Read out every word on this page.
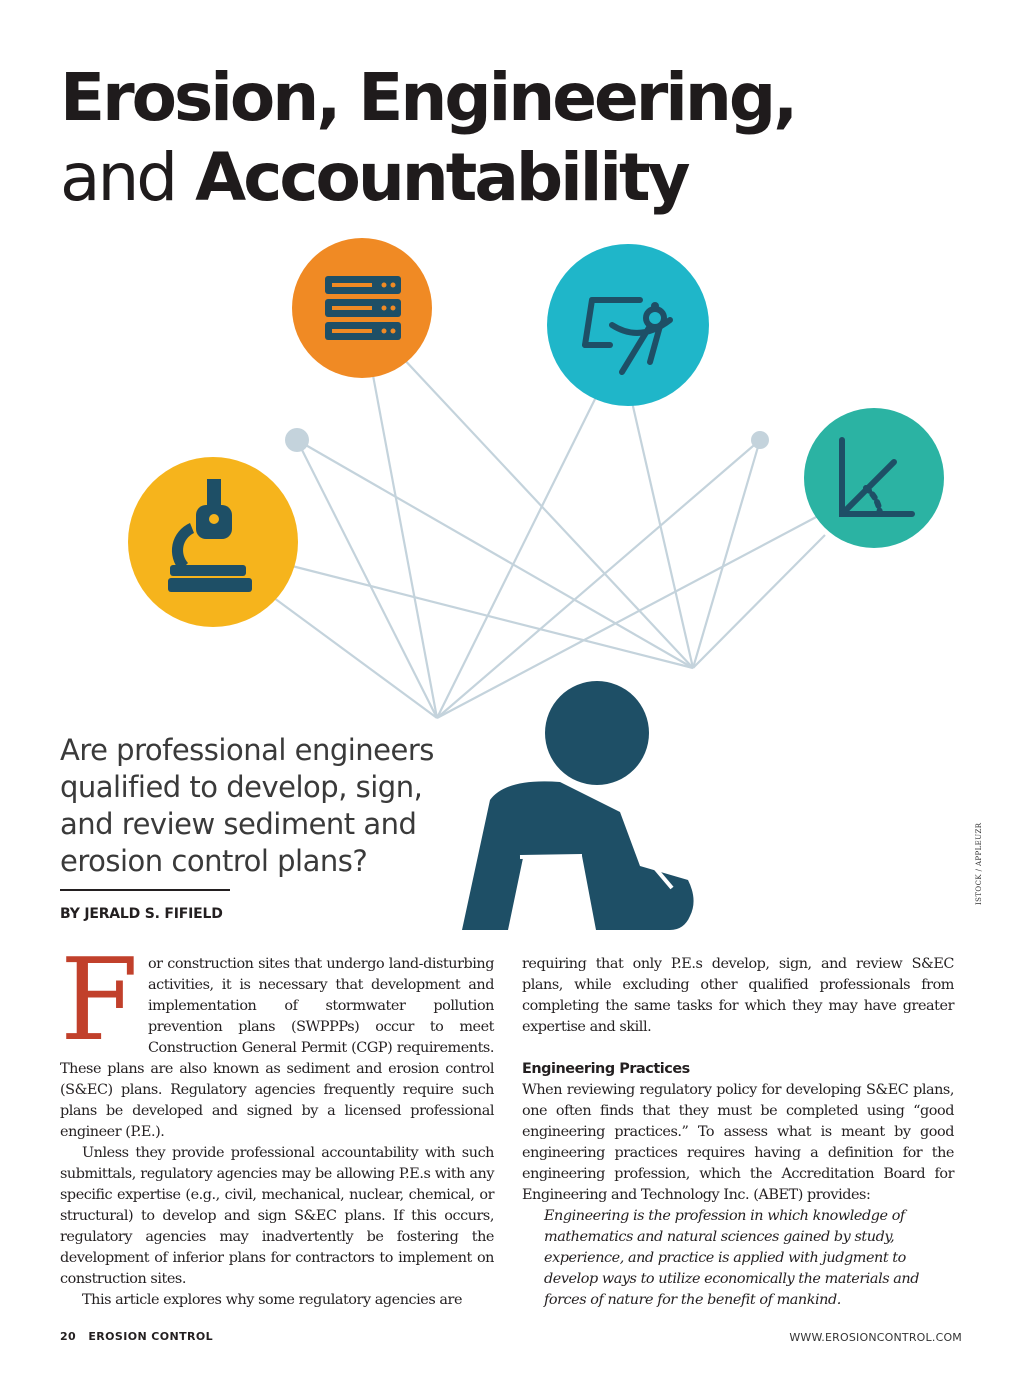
Erosion, Engineering,
and Accountability
Are professional engineers qualified to develop, sign, and review sediment and erosion control plans?
BY JERALD S. FIFIELD
ISTOCK / APPLEUZR

For construction sites that undergo land-disturbing activities, it is necessary that development and implementation of stormwater pollution prevention plans (SWPPPs) occur to meet Construction General Permit (CGP) requirements. These plans are also known as sediment and erosion control (S&EC) plans. Regulatory agencies frequently require such plans be developed and signed by a licensed professional engineer (P.E.).

Unless they provide professional accountability with such submittals, regulatory agencies may be allowing P.E.s with any specific expertise (e.g., civil, mechanical, nuclear, chemical, or structural) to develop and sign S&EC plans. If this occurs, regulatory agencies may inadvertently be fostering the development of inferior plans for contractors to implement on construction sites.

This article explores why some regulatory agencies are

requiring that only P.E.s develop, sign, and review S&EC plans, while excluding other qualified professionals from completing the same tasks for which they may have greater expertise and skill.

Engineering Practices

When reviewing regulatory policy for developing S&EC plans, one often finds that they must be completed using “good engineering practices.” To assess what is meant by good engineering practices requires having a definition for the engineering profession, which the Accreditation Board for Engineering and Technology Inc. (ABET) provides:

Engineering is the profession in which knowledge of mathematics and natural sciences gained by study, experience, and practice is applied with judgment to develop ways to utilize economically the materials and forces of nature for the benefit of mankind.

20 EROSION CONTROL	WWW.EROSIONCONTROL.COM
